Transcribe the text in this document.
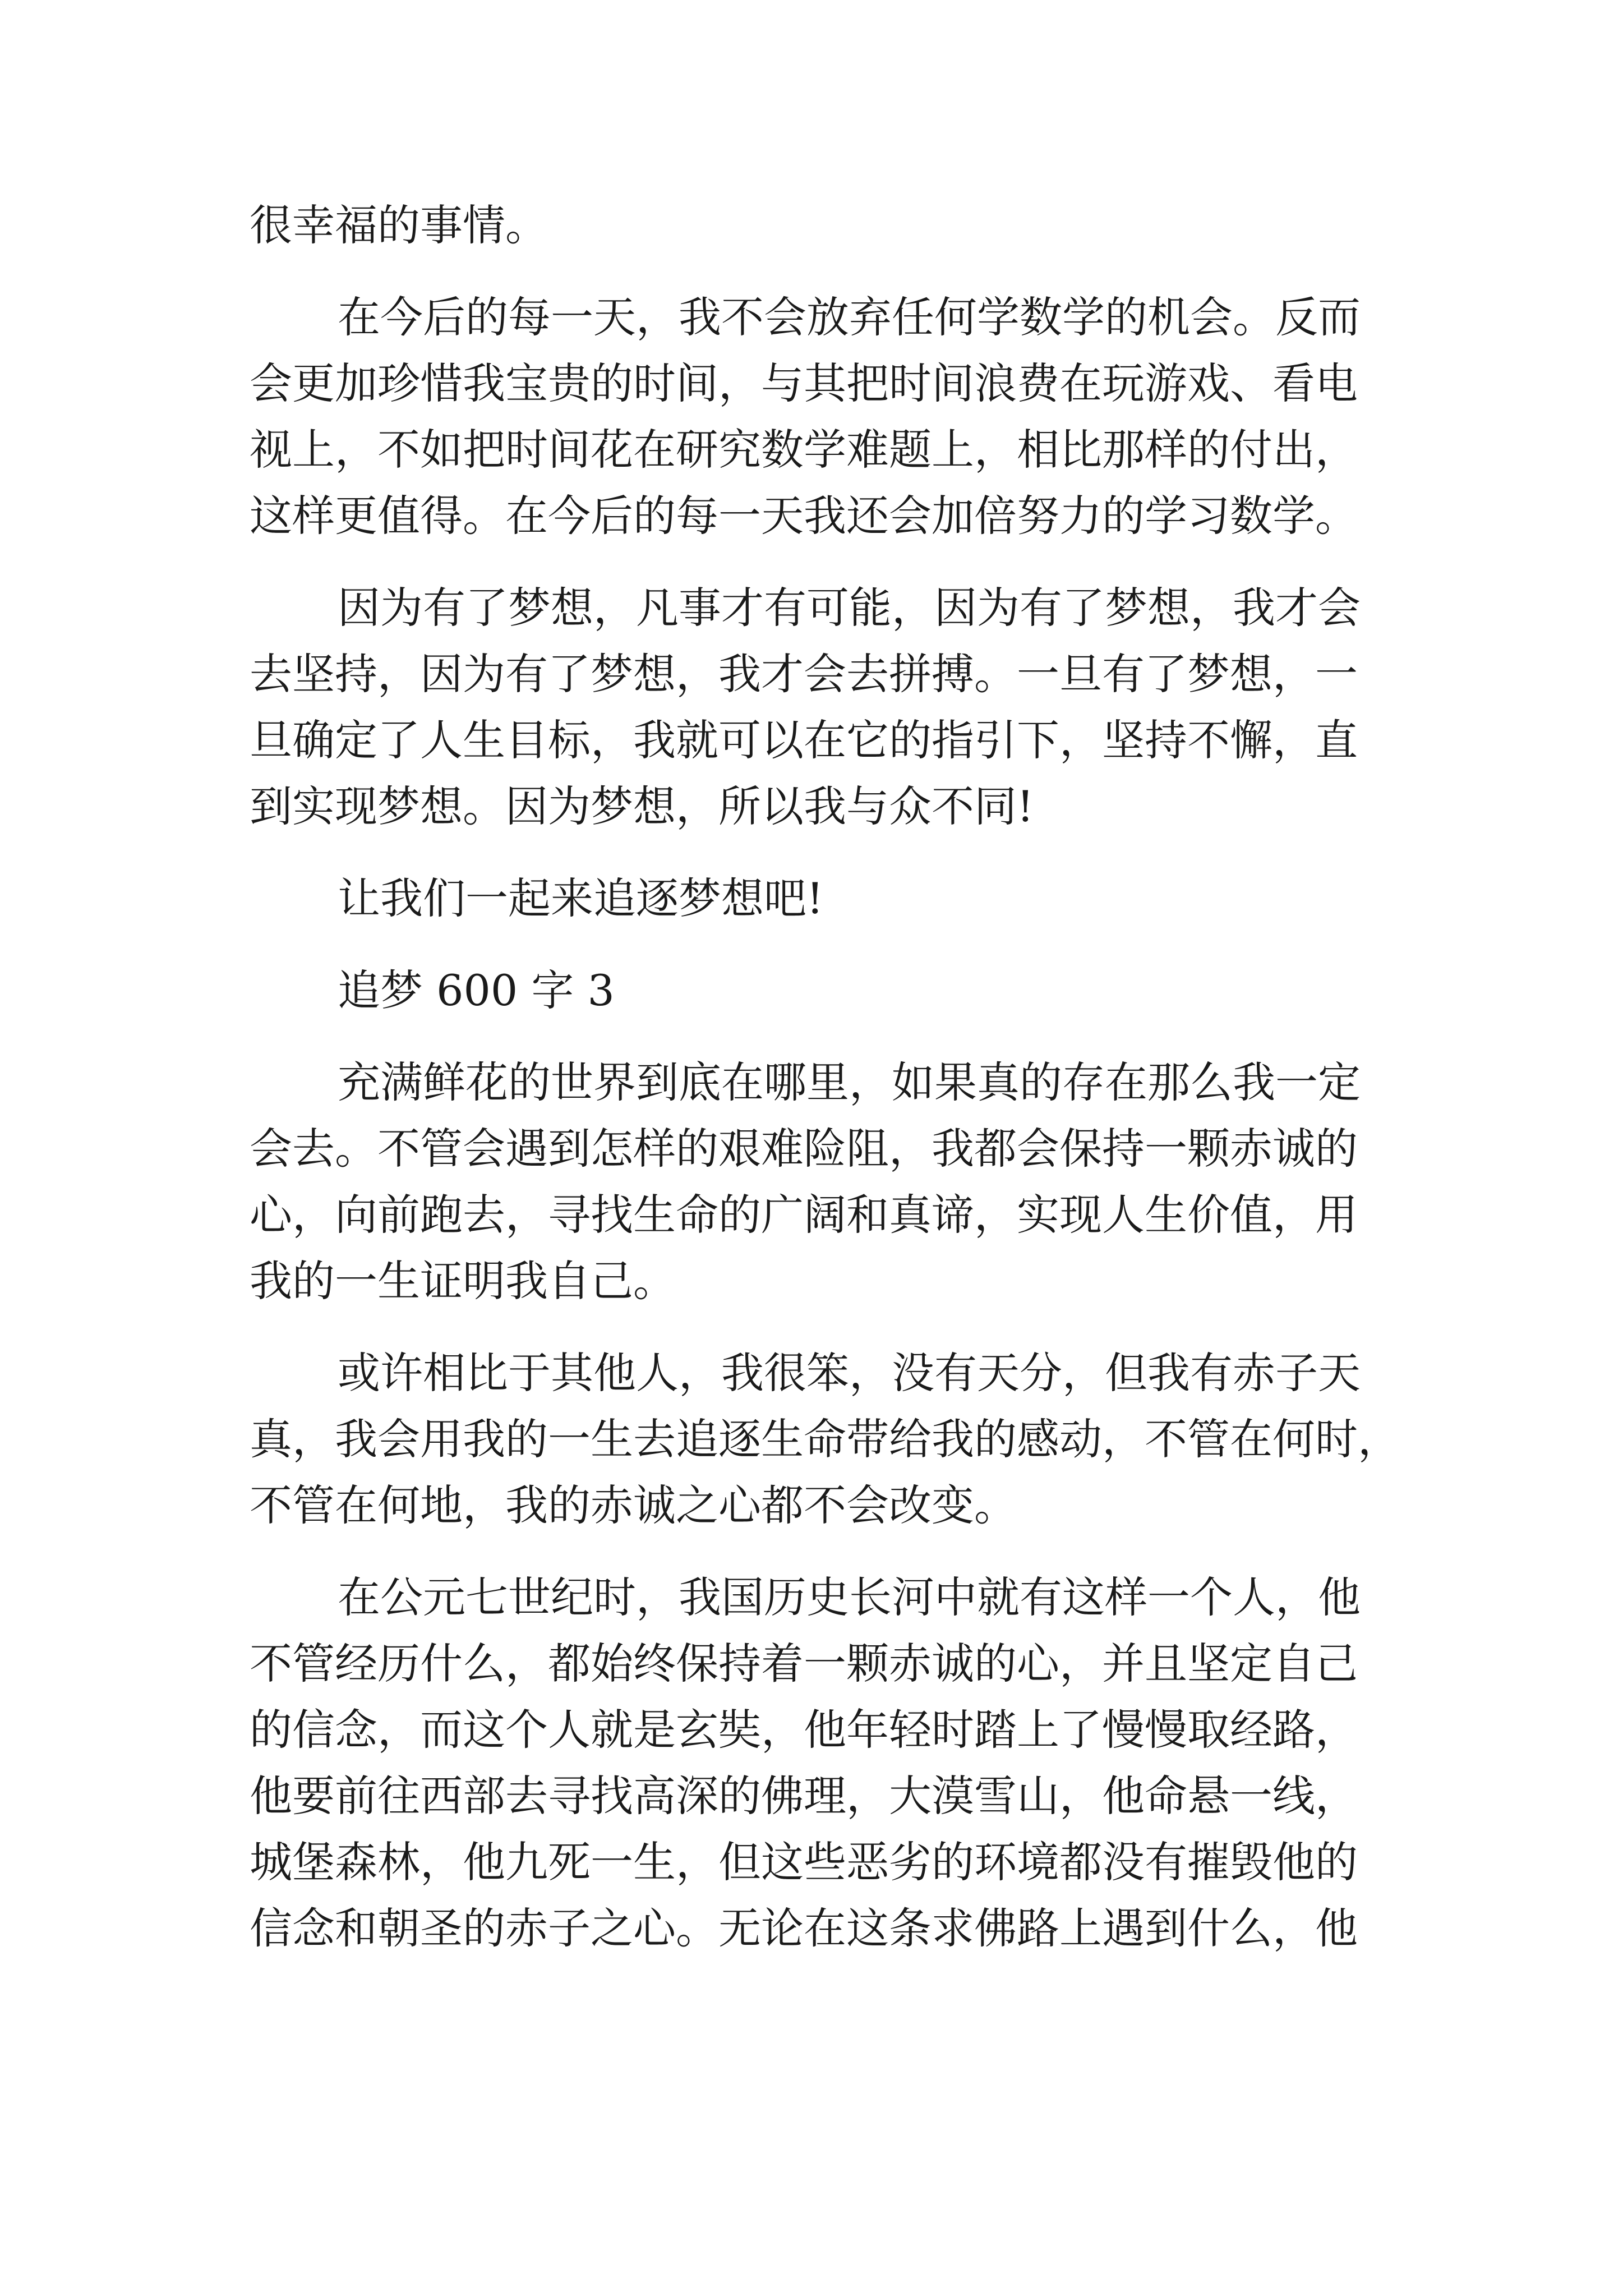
很幸福的事情。
在今后的每一天，我不会放弃任何学数学的机会。反而
会更加珍惜我宝贵的时间，与其把时间浪费在玩游戏、看电
视上，不如把时间花在研究数学难题上，相比那样的付出，
这样更值得。在今后的每一天我还会加倍努力的学习数学。
因为有了梦想，凡事才有可能，因为有了梦想，我才会
去坚持，因为有了梦想，我才会去拼搏。一旦有了梦想，一
旦确定了人生目标，我就可以在它的指引下，坚持不懈，直
到实现梦想。因为梦想，所以我与众不同!
让我们一起来追逐梦想吧!
追梦 600 字 3
充满鲜花的世界到底在哪里，如果真的存在那么我一定
会去。不管会遇到怎样的艰难险阻，我都会保持一颗赤诚的
心，向前跑去，寻找生命的广阔和真谛，实现人生价值，用
我的一生证明我自己。
或许相比于其他人，我很笨，没有天分，但我有赤子天
真，我会用我的一生去追逐生命带给我的感动，不管在何时，
不管在何地，我的赤诚之心都不会改变。
在公元七世纪时，我国历史长河中就有这样一个人，他
不管经历什么，都始终保持着一颗赤诚的心，并且坚定自己
的信念，而这个人就是玄奘，他年轻时踏上了慢慢取经路，
他要前往西部去寻找高深的佛理，大漠雪山，他命悬一线，
城堡森林，他九死一生，但这些恶劣的环境都没有摧毁他的
信念和朝圣的赤子之心。无论在这条求佛路上遇到什么，他
